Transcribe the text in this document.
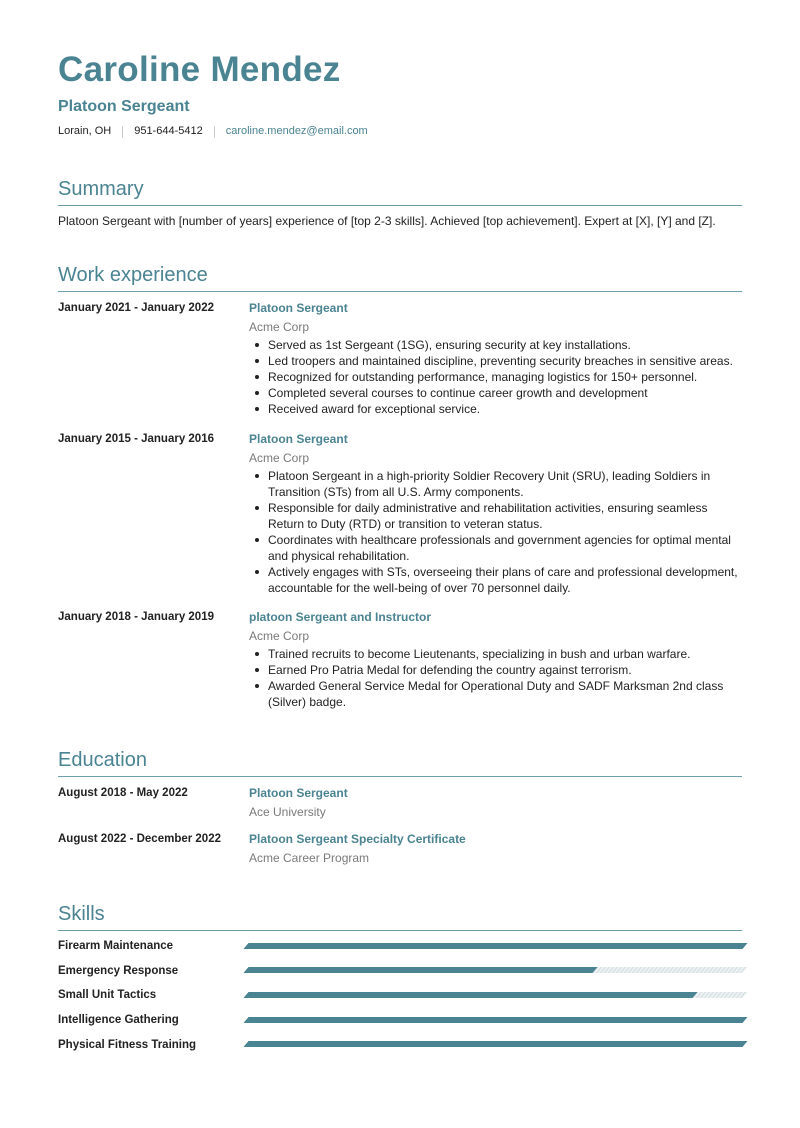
Caroline Mendez
Platoon Sergeant
Lorain, OH 951-644-5412 caroline.mendez@email.com
Summary
Platoon Sergeant with [number of years] experience of [top 2-3 skills]. Achieved [top achievement]. Expert at [X], [Y] and [Z].
Work experience
January 2021 - January 2022	Platoon Sergeant
Acme Corp
Served as 1st Sergeant (1SG), ensuring security at key installations.
Led troopers and maintained discipline, preventing security breaches in sensitive areas.
Recognized for outstanding performance, managing logistics for 150+ personnel.
Completed several courses to continue career growth and development
Received award for exceptional service.
January 2015 - January 2016	Platoon Sergeant
Acme Corp
Platoon Sergeant in a high-priority Soldier Recovery Unit (SRU), leading Soldiers in Transition (STs) from all U.S. Army components.
Responsible for daily administrative and rehabilitation activities, ensuring seamless Return to Duty (RTD) or transition to veteran status.
Coordinates with healthcare professionals and government agencies for optimal mental and physical rehabilitation.
Actively engages with STs, overseeing their plans of care and professional development, accountable for the well-being of over 70 personnel daily.
January 2018 - January 2019	platoon Sergeant and Instructor
Acme Corp
Trained recruits to become Lieutenants, specializing in bush and urban warfare.
Earned Pro Patria Medal for defending the country against terrorism.
Awarded General Service Medal for Operational Duty and SADF Marksman 2nd class (Silver) badge.
Education
August 2018 - May 2022	Platoon Sergeant
Ace University
August 2022 - December 2022 Platoon Sergeant Specialty Certificate
Acme Career Program
Skills
Firearm Maintenance
Emergency Response
Small Unit Tactics
Intelligence Gathering
Physical Fitness Training
